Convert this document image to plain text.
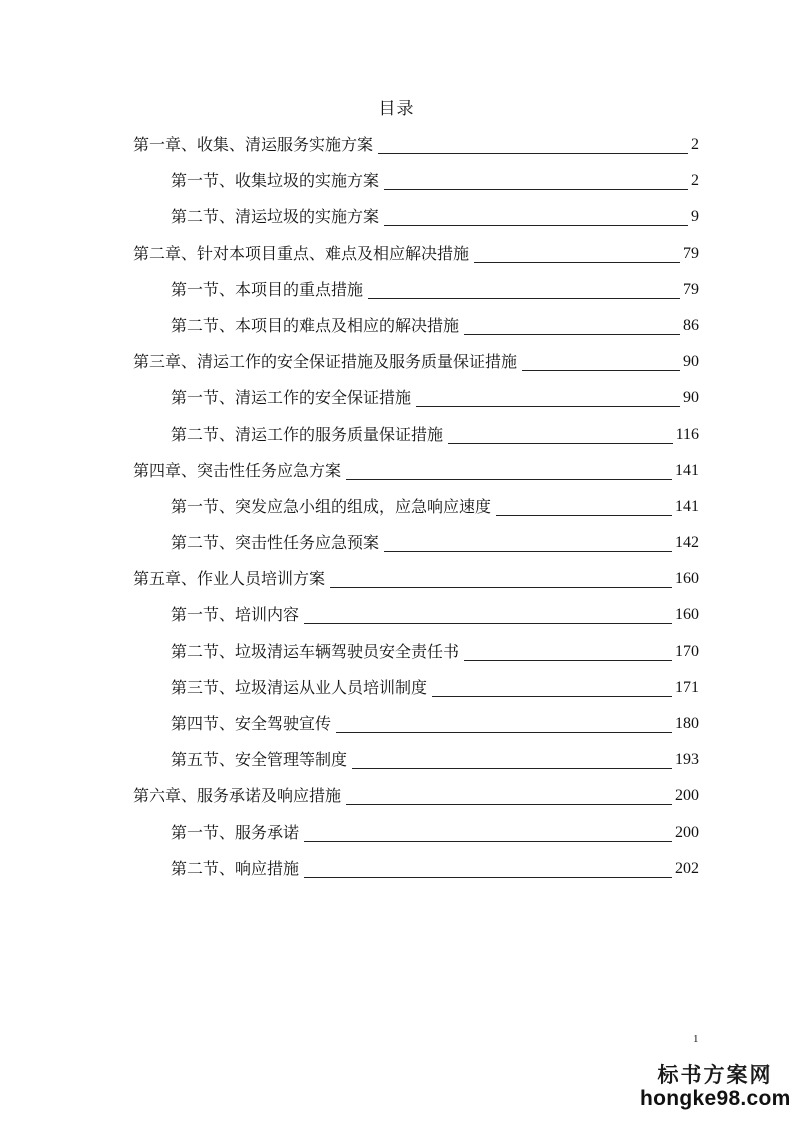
目录
第一章、收集、清运服务实施方案	2
第一节、收集垃圾的实施方案	2
第二节、清运垃圾的实施方案	9
第二章、针对本项目重点、难点及相应解决措施	79
第一节、本项目的重点措施	79
第二节、本项目的难点及相应的解决措施	86
第三章、清运工作的安全保证措施及服务质量保证措施	90
第一节、清运工作的安全保证措施	90
第二节、清运工作的服务质量保证措施	116
第四章、突击性任务应急方案	141
第一节、突发应急小组的组成，应急响应速度	141
第二节、突击性任务应急预案	142
第五章、作业人员培训方案	160
第一节、培训内容	160
第二节、垃圾清运车辆驾驶员安全责任书	170
第三节、垃圾清运从业人员培训制度	171
第四节、安全驾驶宣传	180
第五节、安全管理等制度	193
第六章、服务承诺及响应措施	200
第一节、服务承诺	200
第二节、响应措施	202
1
标书方案网
hongke98.com
